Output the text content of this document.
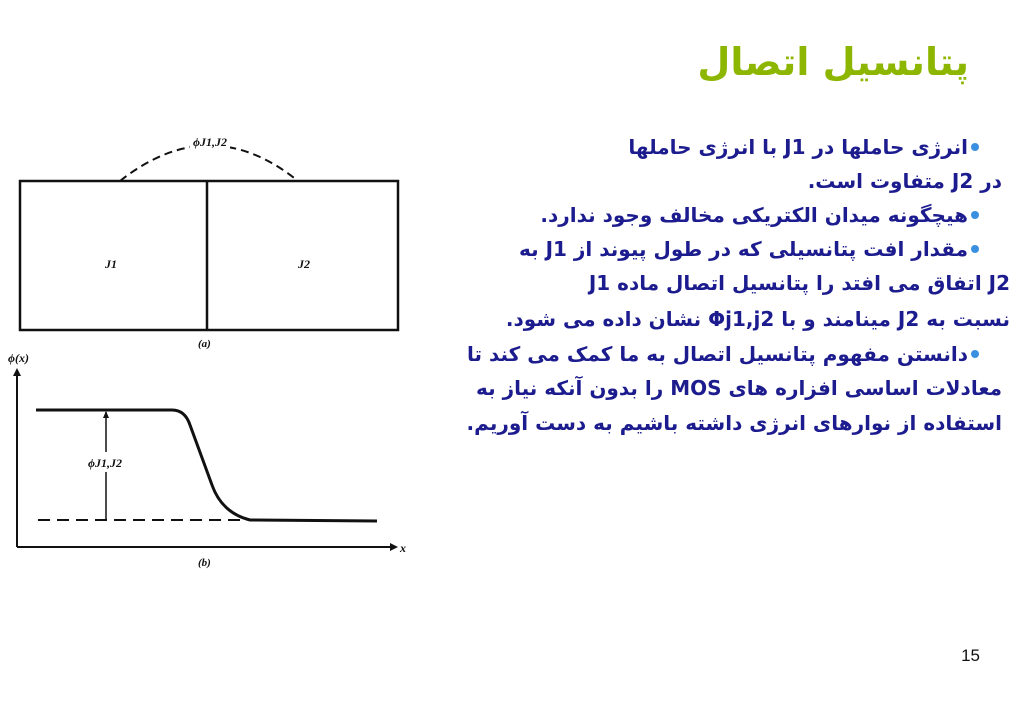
پتانسیل اتصال
انرژی حاملها در J1 با انرژی حاملها
در J2 متفاوت است.
هیچگونه میدان الکتریکی مخالف وجود ندارد.
مقدار افت پتانسیلی که در طول پیوند از J1 به
J2 اتفاق می افتد را پتانسیل اتصال ماده J1
نسبت به J2 مینامند و با Φj1,j2 نشان داده می شود.
دانستن مفهوم پتانسیل اتصال به ما کمک می کند تا
معادلات اساسی افزاره های MOS را بدون آنکه نیاز به
استفاده از نوارهای انرژی داشته باشیم به دست آوریم.
ϕJ1,J2
J1	J2
(a)
ϕ(x)
x
ϕJ1,J2
(b)
15
